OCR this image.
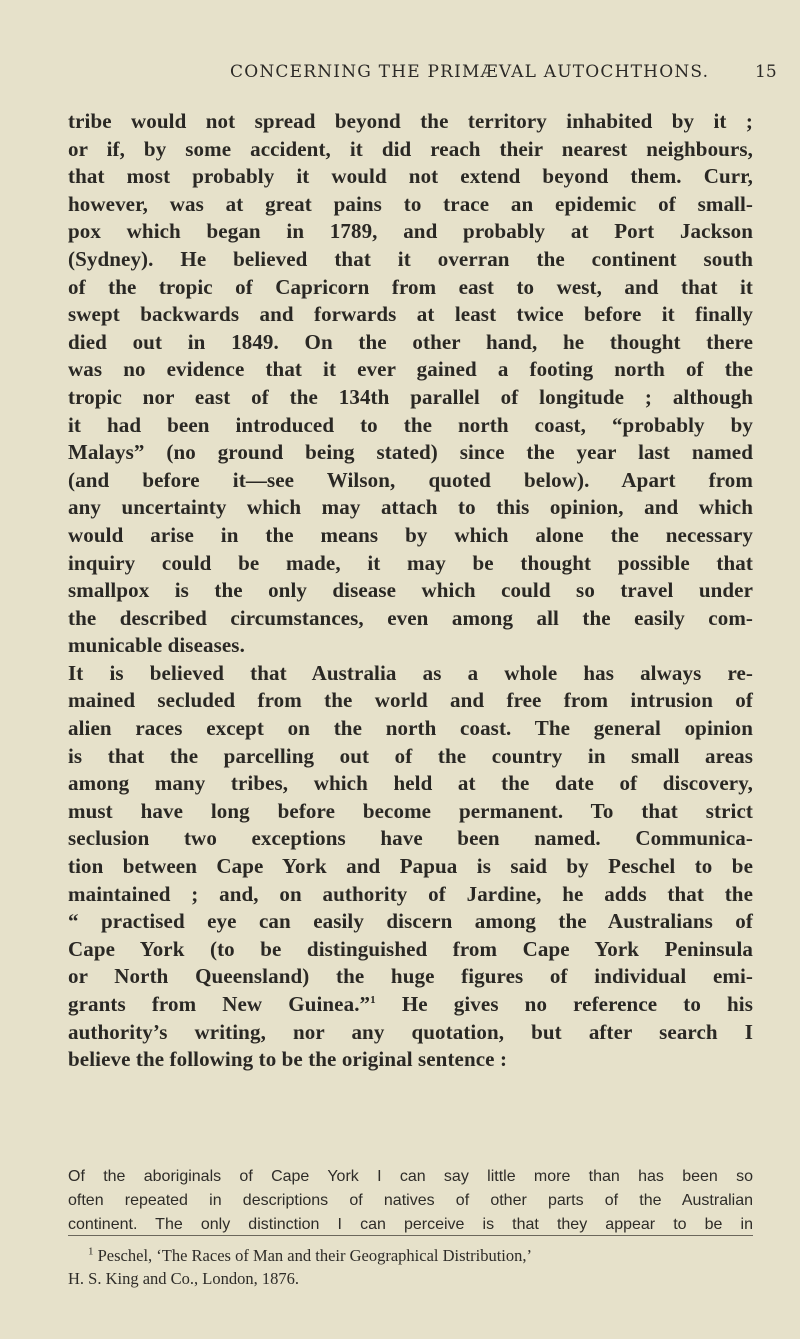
CONCERNING THE PRIMÆVAL AUTOCHTHONS.	15
tribe would not spread beyond the territory inhabited by it ;
or if, by some accident, it did reach their nearest neighbours,
that most probably it would not extend beyond them. Curr,
however, was at great pains to trace an epidemic of small-
pox which began in 1789, and probably at Port Jackson
(Sydney). He believed that it overran the continent south
of the tropic of Capricorn from east to west, and that it
swept backwards and forwards at least twice before it finally
died out in 1849. On the other hand, he thought there
was no evidence that it ever gained a footing north of the
tropic nor east of the 134th parallel of longitude ; although
it had been introduced to the north coast, “probably by
Malays” (no ground being stated) since the year last named
(and before it—see Wilson, quoted below). Apart from
any uncertainty which may attach to this opinion, and which
would arise in the means by which alone the necessary
inquiry could be made, it may be thought possible that
smallpox is the only disease which could so travel under
the described circumstances, even among all the easily com-
municable diseases.
It is believed that Australia as a whole has always re-
mained secluded from the world and free from intrusion of
alien races except on the north coast. The general opinion
is that the parcelling out of the country in small areas
among many tribes, which held at the date of discovery,
must have long before become permanent. To that strict
seclusion two exceptions have been named. Communica-
tion between Cape York and Papua is said by Peschel to be
maintained ; and, on authority of Jardine, he adds that the
“ practised eye can easily discern among the Australians of
Cape York (to be distinguished from Cape York Peninsula
or North Queensland) the huge figures of individual emi-
grants from New Guinea.”$^1$ He gives no reference to his
authority’s writing, nor any quotation, but after search I
believe the following to be the original sentence :
Of the aboriginals of Cape York I can say little more than has been so
often repeated in descriptions of natives of other parts of the Australian
continent. The only distinction I can perceive is that they appear to be in
$^1$ Peschel, ‘The Races of Man and their Geographical Distribution,’
H. S. King and Co., London, 1876.
